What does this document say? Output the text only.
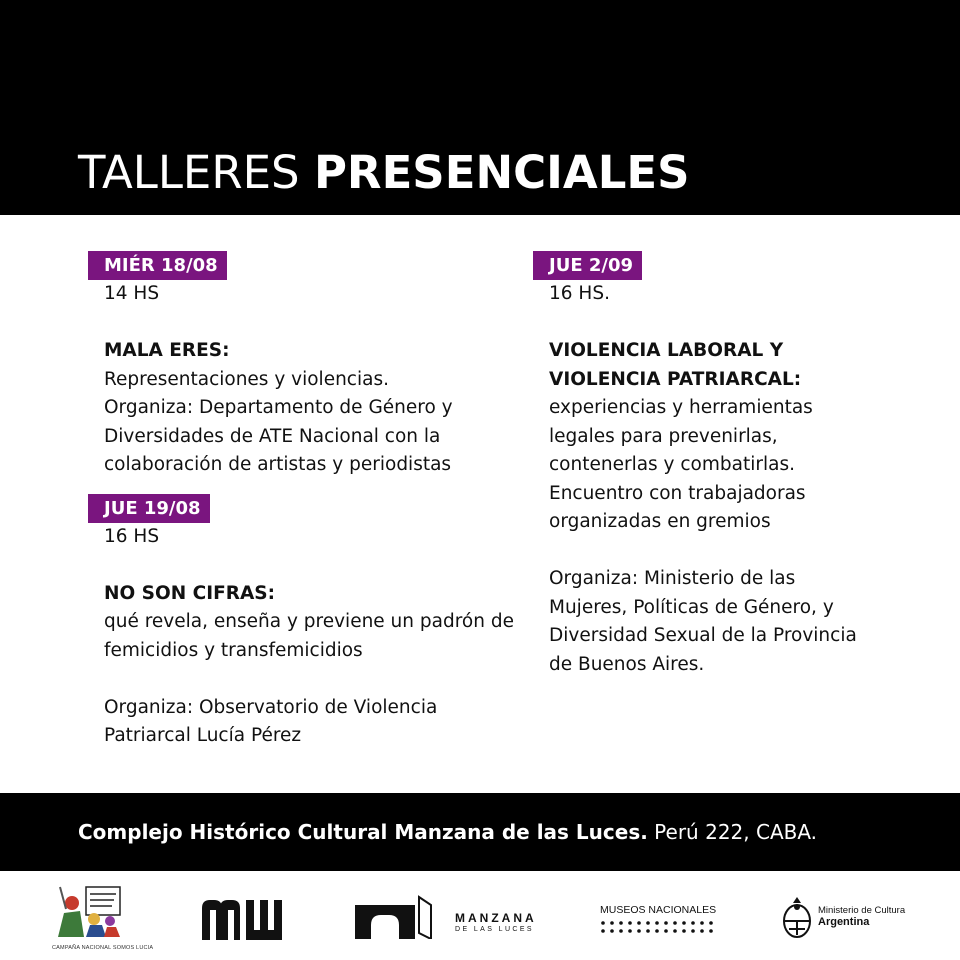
TALLERES PRESENCIALES
MIÉR 18/08
14 HS
MALA ERES:
Representaciones y violencias.
Organiza: Departamento de Género y
Diversidades de ATE Nacional con la
colaboración de artistas y periodistas
JUE 19/08
16 HS
NO SON CIFRAS:
qué revela, enseña y previene un padrón de
femicidios y transfemicidios
Organiza: Observatorio de Violencia
Patriarcal Lucía Pérez
JUE 2/09
16 HS.
VIOLENCIA LABORAL Y
VIOLENCIA PATRIARCAL:
experiencias y herramientas
legales para prevenirlas,
contenerlas y combatirlas.
Encuentro con trabajadoras
organizadas en gremios
Organiza: Ministerio de las
Mujeres, Políticas de Género, y
Diversidad Sexual de la Provincia
de Buenos Aires.
Complejo Histórico Cultural Manzana de las Luces. Perú 222, CABA.
CAMPAÑA NACIONAL SOMOS LUCIA
MANZANA
DE LAS LUCES
MUSEOS NACIONALES	Ministerio de Cultura
Argentina
